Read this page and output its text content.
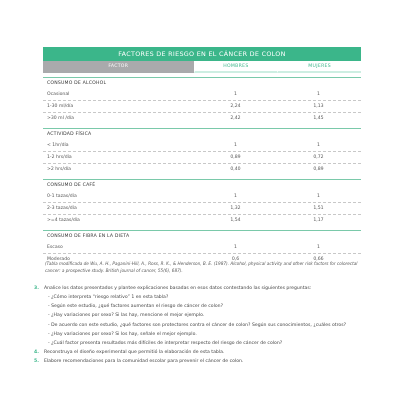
FACTORES DE RIESGO EN EL CÁNCER DE COLON
FACTOR	HOMBRES	MUJERES
CONSUMO DE ALCOHOL
Ocasional	1	1
1-30 ml/día	2,24	1,13
>30 ml /día	2,42	1,45
ACTIVIDAD FÍSICA
< 1hr/día	1	1
1-2 hrs/día	0,89	0,72
>2 hrs/día	0,40	0,89
CONSUMO DE CAFÉ
0-1 tazas/día	1	1
2-3 tazas/día	1,32	1,51
>=4 tazas/día	1,54	1,17
CONSUMO DE FIBRA EN LA DIETA
Escaso	1	1
Moderado	0,6	0,66
(Tabla modificada de Wu, A. H., Paganini-Hill, A., Ross, R. K., & Henderson, B. E. (1987). Alcohol, physical activity and other risk factors for colorectal cancer: a prospective study. British journal of cancer, 55(6), 687).
3.	Analice los datos presentados y plantee explicaciones basadas en esos datos contestando las siguientes preguntas:
- ¿Cómo interpreta “riesgo relativo” 1 en esta tabla?
- Según este estudio, ¿qué factores aumentan el riesgo de cáncer de colon?
- ¿Hay variaciones por sexo? Si las hay, mencione el mejor ejemplo.
- De acuerdo con este estudio, ¿qué factores son protectores contra el cáncer de colon? Según sus conocimientos, ¿cuáles otros?
- ¿Hay variaciones por sexo? Si los hay, señale el mejor ejemplo.
- ¿Cuál factor presenta resultados más difíciles de interpretar respecto del riesgo de cáncer de colon?
4.	Reconstruya el diseño experimental que permitió la elaboración de esta tabla.
5.	Elabore recomendaciones para la comunidad escolar para prevenir el cáncer de colon.
